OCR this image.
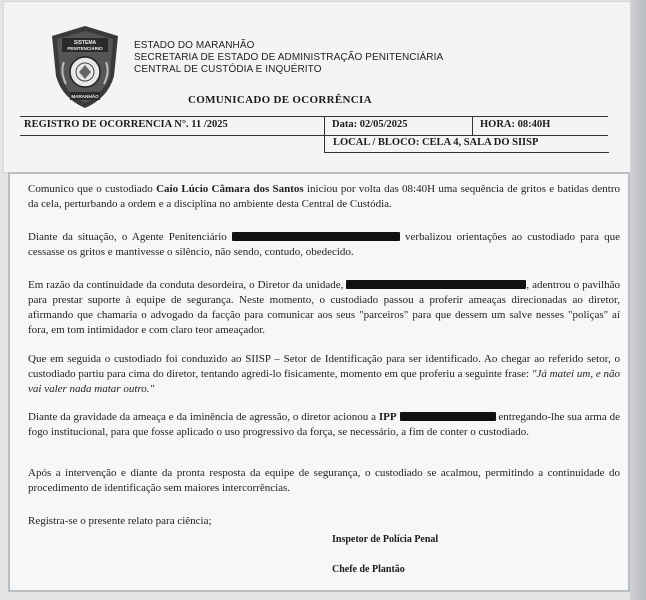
SISTEMA
PENITENCIÁRIO
MARANHÃO
ESTADO DO MARANHÃO
SECRETARIA DE ESTADO DE ADMINISTRAÇÃO PENITENCIÁRIA
CENTRAL DE CUSTÓDIA E INQUÉRITO
COMUNICADO DE OCORRÊNCIA
REGISTRO DE OCORRENCIA N°. 11 /2025	Data: 02/05/2025	HORA: 08:40H
LOCAL / BLOCO: CELA 4, SALA DO SIISP
Comunico que o custodiado Caio Lúcio Câmara dos Santos iniciou por volta das 08:40H uma sequência de gritos e batidas dentro da cela, perturbando a ordem e a disciplina no ambiente desta Central de Custódia.
Diante da situação, o Agente Penitenciário	verbalizou orientações ao custodiado para que cessasse os gritos e mantivesse o silêncio, não sendo, contudo, obedecido.
Em razão da continuidade da conduta desordeira, o Diretor da unidade,	, adentrou o pavilhão para prestar suporte à equipe de segurança. Neste momento, o custodiado passou a proferir ameaças direcionadas ao diretor, afirmando que chamaria o advogado da facção para comunicar aos seus "parceiros" para que dessem um salve nesses "poliças" aí fora, em tom intimidador e com claro teor ameaçador.
Que em seguida o custodiado foi conduzido ao SIISP – Setor de Identificação para ser identificado. Ao chegar ao referido setor, o custodiado partiu para cima do diretor, tentando agredi-lo fisicamente, momento em que proferiu a seguinte frase: "Já matei um, e não vai valer nada matar outro."
Diante da gravidade da ameaça e da iminência de agressão, o diretor acionou a IPP	entregando-lhe sua arma de fogo institucional, para que fosse aplicado o uso progressivo da força, se necessário, a fim de conter o custodiado.
Após a intervenção e diante da pronta resposta da equipe de segurança, o custodiado se acalmou, permitindo a continuidade do procedimento de identificação sem maiores intercorrências.
Registra-se o presente relato para ciência;
Inspetor de Polícia Penal
Chefe de Plantão
